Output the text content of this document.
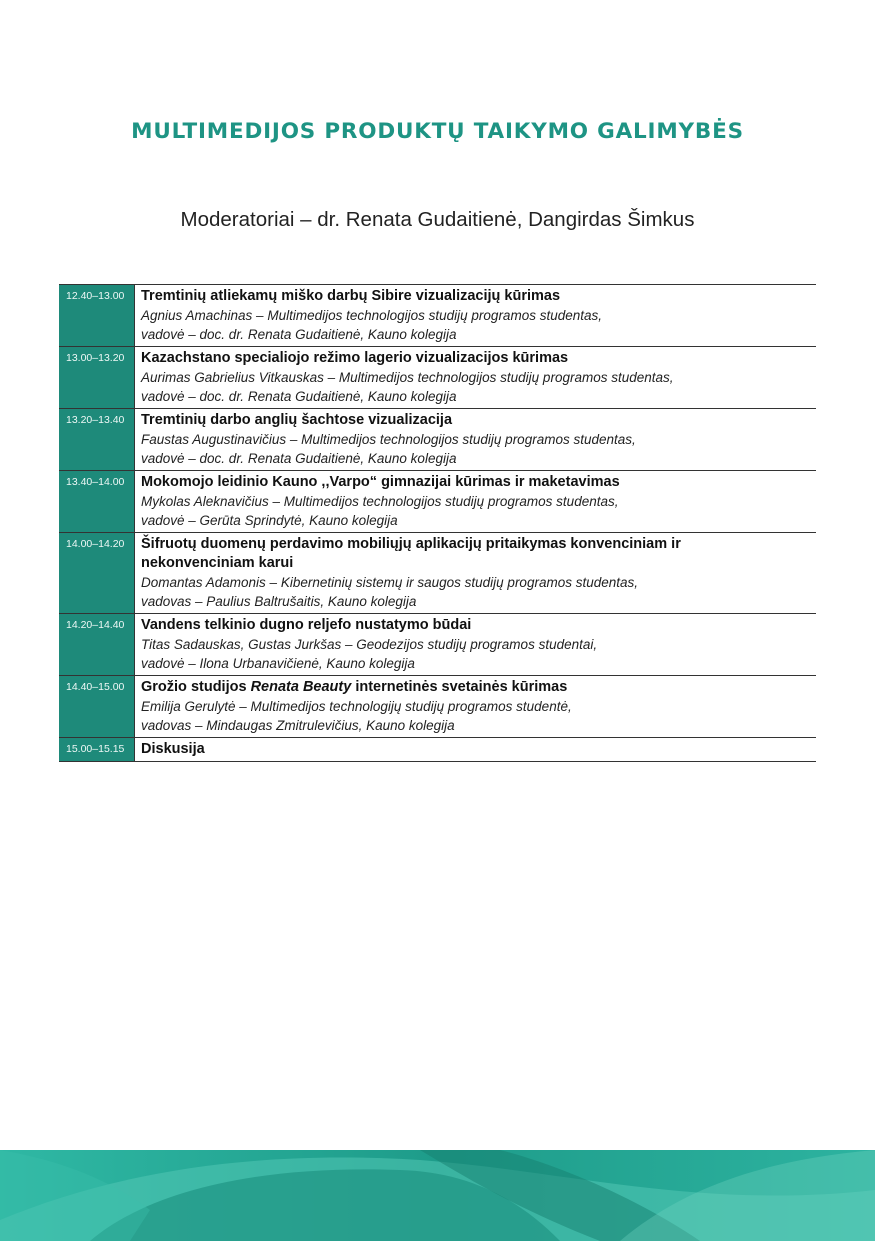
MULTIMEDIJOS PRODUKTŲ TAIKYMO GALIMYBĖS
Moderatoriai – dr. Renata Gudaitienė, Dangirdas Šimkus
12.40–13.00	Tremtinių atliekamų miško darbų Sibire vizualizacijų kūrimas
Agnius Amachinas – Multimedijos technologijos studijų programos studentas,
vadovė – doc. dr. Renata Gudaitienė, Kauno kolegija
13.00–13.20	Kazachstano specialiojo režimo lagerio vizualizacijos kūrimas
Aurimas Gabrielius Vitkauskas – Multimedijos technologijos studijų programos studentas,
vadovė – doc. dr. Renata Gudaitienė, Kauno kolegija
13.20–13.40	Tremtinių darbo anglių šachtose vizualizacija
Faustas Augustinavičius – Multimedijos technologijos studijų programos studentas,
vadovė – doc. dr. Renata Gudaitienė, Kauno kolegija
13.40–14.00	Mokomojo leidinio Kauno ,,Varpo“ gimnazijai kūrimas ir maketavimas
Mykolas Aleknavičius – Multimedijos technologijos studijų programos studentas,
vadovė – Gerūta Sprindytė, Kauno kolegija
14.00–14.20	Šifruotų duomenų perdavimo mobiliųjų aplikacijų pritaikymas konvenciniam ir nekonvenciniam karui
Domantas Adamonis – Kibernetinių sistemų ir saugos studijų programos studentas,
vadovas – Paulius Baltrušaitis, Kauno kolegija
14.20–14.40	Vandens telkinio dugno reljefo nustatymo būdai
Titas Sadauskas, Gustas Jurkšas – Geodezijos studijų programos studentai,
vadovė – Ilona Urbanavičienė, Kauno kolegija
14.40–15.00	Grožio studijos Renata Beauty internetinės svetainės kūrimas
Emilija Gerulytė – Multimedijos technologijų studijų programos studentė,
vadovas – Mindaugas Zmitrulevičius, Kauno kolegija
15.00–15.15	Diskusija
